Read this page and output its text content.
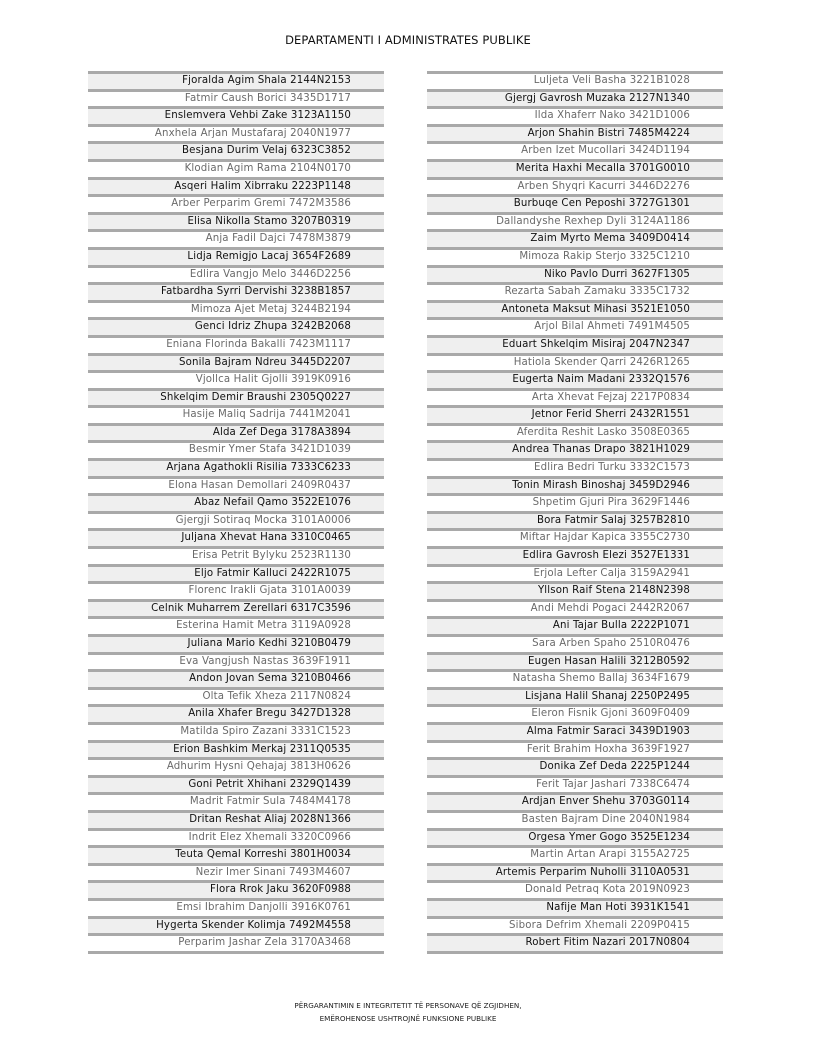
DEPARTAMENTI I ADMINISTRATES PUBLIKE
Fjoralda Agim Shala 2144N2153
Fatmir Caush Borici 3435D1717
Enslemvera Vehbi Zake 3123A1150
Anxhela Arjan Mustafaraj 2040N1977
Besjana Durim Velaj 6323C3852
Klodian Agim Rama 2104N0170
Asqeri Halim Xibrraku 2223P1148
Arber Perparim Gremi 7472M3586
Elisa Nikolla Stamo 3207B0319
Anja Fadil Dajci 7478M3879
Lidja Remigjo Lacaj 3654F2689
Edlira Vangjo Melo 3446D2256
Fatbardha Syrri Dervishi 3238B1857
Mimoza Ajet Metaj 3244B2194
Genci Idriz Zhupa 3242B2068
Eniana Florinda Bakalli 7423M1117
Sonila Bajram Ndreu 3445D2207
Vjollca Halit Gjolli 3919K0916
Shkelqim Demir Braushi 2305Q0227
Hasije Maliq Sadrija 7441M2041
Alda Zef Dega 3178A3894
Besmir Ymer Stafa 3421D1039
Arjana Agathokli Risilia 7333C6233
Elona Hasan Demollari 2409R0437
Abaz Nefail Qamo 3522E1076
Gjergji Sotiraq Mocka 3101A0006
Juljana Xhevat Hana 3310C0465
Erisa Petrit Bylyku 2523R1130
Eljo Fatmir Kalluci 2422R1075
Florenc Irakli Gjata 3101A0039
Celnik Muharrem Zerellari 6317C3596
Esterina Hamit Metra 3119A0928
Juliana Mario Kedhi 3210B0479
Eva Vangjush Nastas 3639F1911
Andon Jovan Sema 3210B0466
Olta Tefik Xheza 2117N0824
Anila Xhafer Bregu 3427D1328
Matilda Spiro Zazani 3331C1523
Erion Bashkim Merkaj 2311Q0535
Adhurim Hysni Qehajaj 3813H0626
Goni Petrit Xhihani 2329Q1439
Madrit Fatmir Sula 7484M4178
Dritan Reshat Aliaj 2028N1366
Indrit Elez Xhemali 3320C0966
Teuta Qemal Korreshi 3801H0034
Nezir Imer Sinani 7493M4607
Flora Rrok Jaku 3620F0988
Emsi Ibrahim Danjolli 3916K0761
Hygerta Skender Kolimja 7492M4558
Perparim Jashar Zela 3170A3468
Luljeta Veli Basha 3221B1028
Gjergj Gavrosh Muzaka 2127N1340
Ilda Xhaferr Nako 3421D1006
Arjon Shahin Bistri 7485M4224
Arben Izet Mucollari 3424D1194
Merita Haxhi Mecalla 3701G0010
Arben Shyqri Kacurri 3446D2276
Burbuqe Cen Peposhi 3727G1301
Dallandyshe Rexhep Dyli 3124A1186
Zaim Myrto Mema 3409D0414
Mimoza Rakip Sterjo 3325C1210
Niko Pavlo Durri 3627F1305
Rezarta Sabah Zamaku 3335C1732
Antoneta Maksut Mihasi 3521E1050
Arjol Bilal Ahmeti 7491M4505
Eduart Shkelqim Misiraj 2047N2347
Hatiola Skender Qarri 2426R1265
Eugerta Naim Madani 2332Q1576
Arta Xhevat Fejzaj 2217P0834
Jetnor Ferid Sherri 2432R1551
Aferdita Reshit Lasko 3508E0365
Andrea Thanas Drapo 3821H1029
Edlira Bedri Turku 3332C1573
Tonin Mirash Binoshaj 3459D2946
Shpetim Gjuri Pira 3629F1446
Bora Fatmir Salaj 3257B2810
Miftar Hajdar Kapica 3355C2730
Edlira Gavrosh Elezi 3527E1331
Erjola Lefter Calja 3159A2941
Yllson Raif Stena 2148N2398
Andi Mehdi Pogaci 2442R2067
Ani Tajar Bulla 2222P1071
Sara Arben Spaho 2510R0476
Eugen Hasan Halili 3212B0592
Natasha Shemo Ballaj 3634F1679
Lisjana Halil Shanaj 2250P2495
Eleron Fisnik Gjoni 3609F0409
Alma Fatmir Saraci 3439D1903
Ferit Brahim Hoxha 3639F1927
Donika Zef Deda 2225P1244
Ferit Tajar Jashari 7338C6474
Ardjan Enver Shehu 3703G0114
Basten Bajram Dine 2040N1984
Orgesa Ymer Gogo 3525E1234
Martin Artan Arapi 3155A2725
Artemis Perparim Nuholli 3110A0531
Donald Petraq Kota 2019N0923
Nafije Man Hoti 3931K1541
Sibora Defrim Xhemali 2209P0415
Robert Fitim Nazari 2017N0804
PËRGARANTIMIN E INTEGRITETIT TË PERSONAVE QË ZGJIDHEN,
EMËROHENOSE USHTROJNË FUNKSIONE PUBLIKE
